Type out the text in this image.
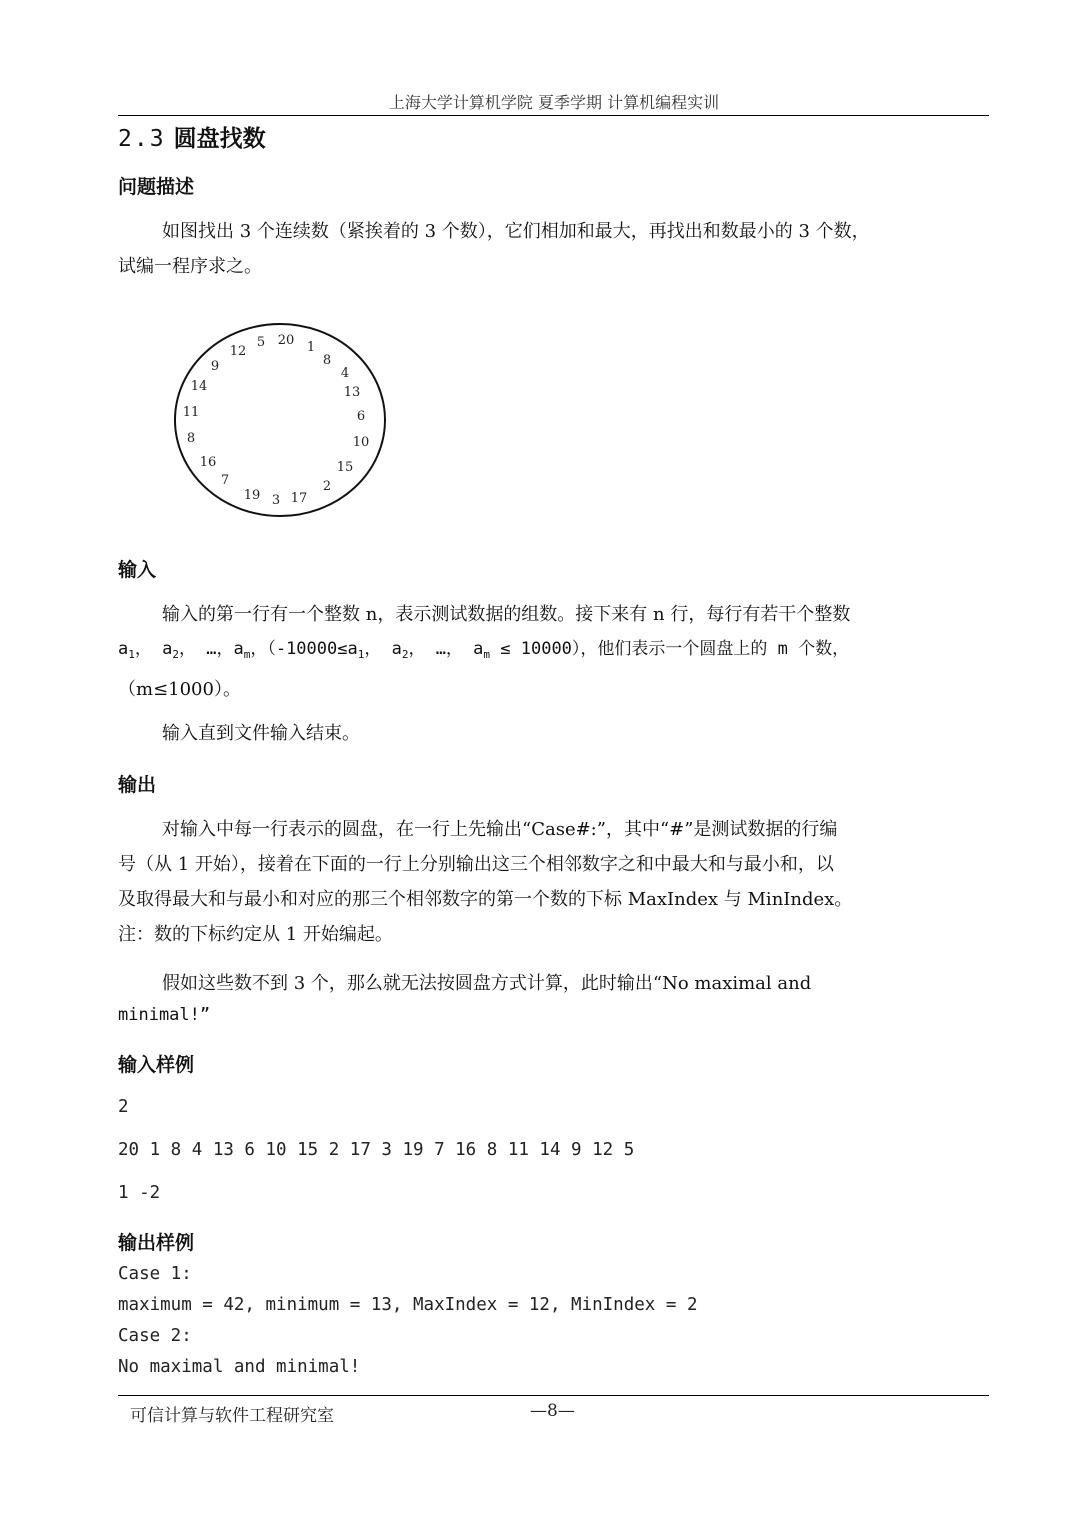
上海大学计算机学院 夏季学期 计算机编程实训
2.3 圆盘找数
问题描述
如图找出 3 个连续数（紧挨着的 3 个数），它们相加和最大，再找出和数最小的 3 个数，
试编一程序求之。
20 1
8
4
13
6
10
15
2
17
3
19
7
16
8
11
14
9
12
5
输入
输入的第一行有一个整数 n，表示测试数据的组数。接下来有 n 行，每行有若干个整数
$a_1$， $a_2$， …，$a_m$，（$-10000\le a_1$， $a_2$， …， $a_m \le 10000$），他们表示一个圆盘上的 m 个数，
（m≤1000）。
输入直到文件输入结束。
输出
对输入中每一行表示的圆盘，在一行上先输出“Case#:”，其中“#”是测试数据的行编
号（从 1 开始），接着在下面的一行上分别输出这三个相邻数字之和中最大和与最小和，以
及取得最大和与最小和对应的那三个相邻数字的第一个数的下标 MaxIndex 与 MinIndex。
注：数的下标约定从 1 开始编起。
假如这些数不到 3 个，那么就无法按圆盘方式计算，此时输出“No maximal and
minimal!”
输入样例
2
20 1 8 4 13 6 10 15 2 17 3 19 7 16 8 11 14 9 12 5
1 -2
输出样例
Case 1:
maximum = 42, minimum = 13, MaxIndex = 12, MinIndex = 2
Case 2:
No maximal and minimal!
可信计算与软件工程研究室	—8—
